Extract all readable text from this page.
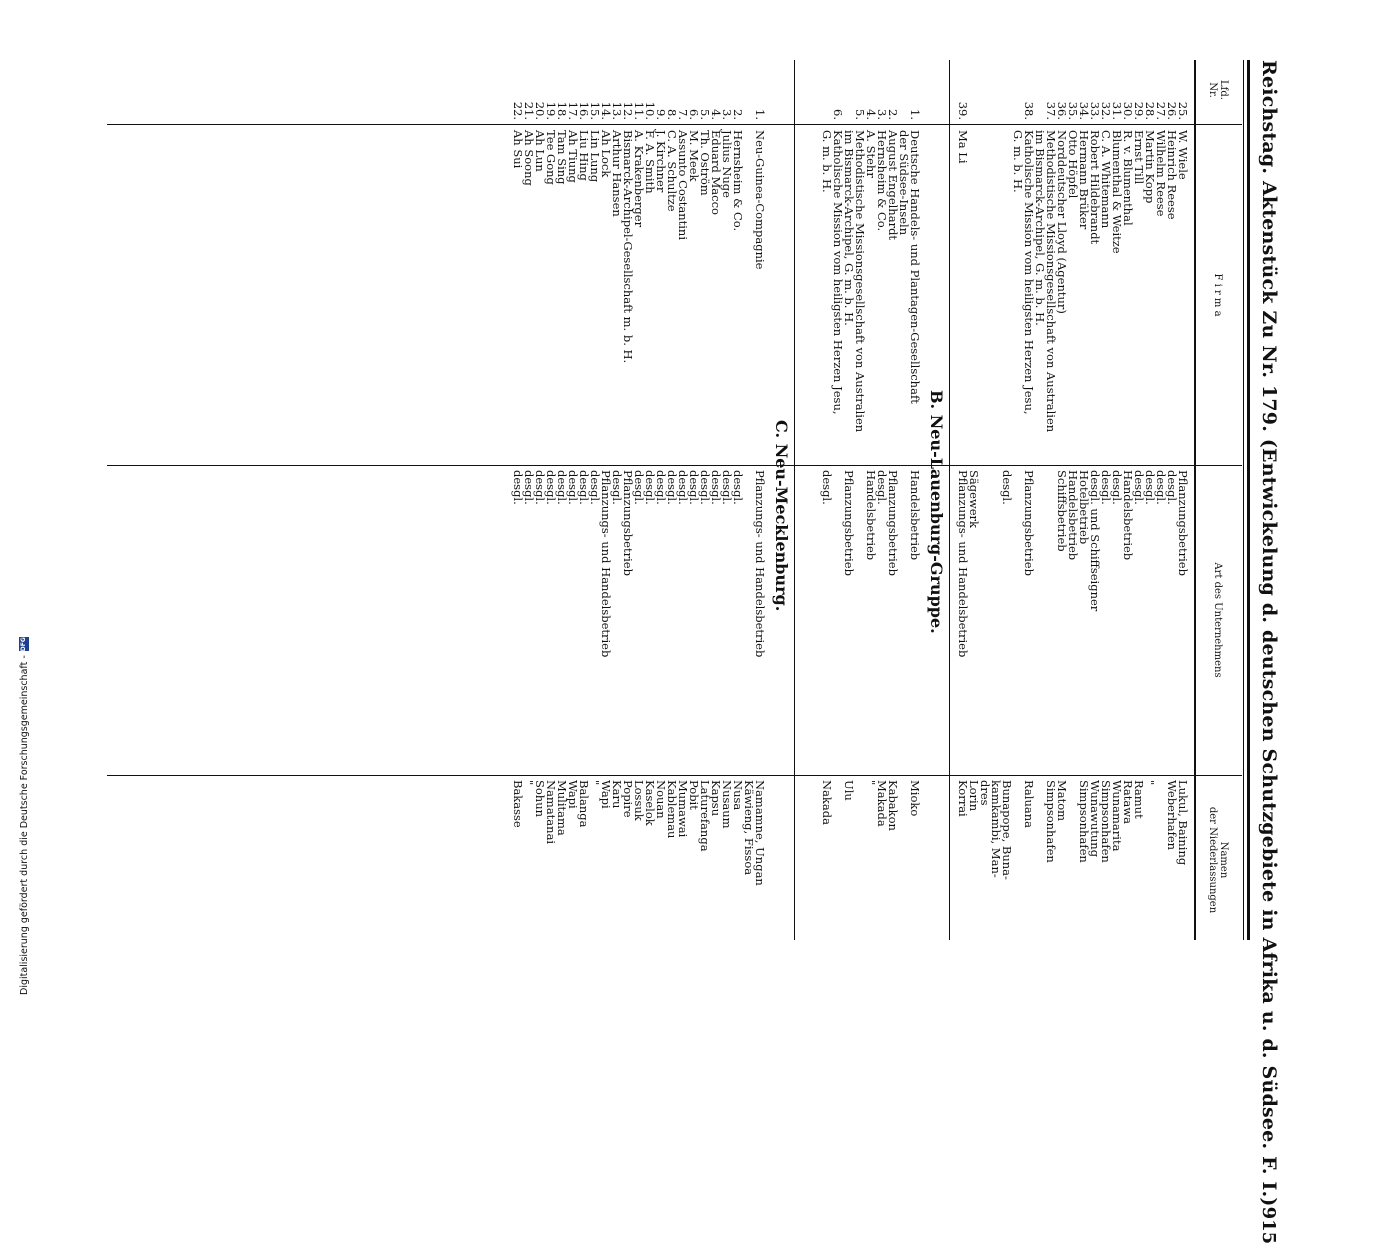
Reichstag. Aktenstück Zu Nr. 179. (Entwickelung d. deutschen Schutzgebiete in Afrika u. d. Südsee. F. I.)
915
Lfd.
Nr.
F i r m a
Art des Unternehmens
Namen
der Niederlassungen
25.
W. Wiele
Pflanzungsbetrieb
Lukul, Baining
26.
Heinrich Reese
desgl.
Weberhafen
27.
Wilhelm Reese
desgl.
28.
Martin Kopp
desgl.
"
29.
Ernst Till
desgl.
Ramut
30.
R. v. Blumenthal
Handelsbetrieb
Ratawa
31.
Blumenthal & Weitze
desgl.
Wunamarita
32.
C. A. Whitemann
desgl.
Simpsonhafen
33.
Robert Hildebrandt
desgl. und Schiffseigner
Wunawutung
34.
Hermann Brüker
Hotelbetrieb
Simpsonhafen
35.
Otto Höpfel
Handelsbetrieb
36.
Norddeutscher Lloyd (Agentur)
Schiffsbetrieb
Matom
37.
Methodistische Missionsgesellschaft von Australien
Simpsonhafen
im Bismarck-Archipel, G. m. b. H.
38.
Katholische Mission vom heiligsten Herzen Jesu,
Pflanzungsbetrieb
Raluana
G. m. b. H.
desgl.
Bunapope, Buna-
kamkambi, Man-
dres
Sägewerk
Lorin
39.
Ma Li
Pflanzungs- und Handelsbetrieb
Korrai
B. Neu-Lauenburg-Gruppe.
1.
Deutsche Handels- und Plantagen-Gesellschaft
Handelsbetrieb
Mioko
der Südsee-Inseln
2.
August Engelhardt
Pflanzungsbetrieb
Kabakon
3.
Hernsheim & Co.
desgl.
Makada
4.
A. Stehr
Handelsbetrieb
"
5.
Methodistische Missionsgesellschaft von Australien
im Bismarck-Archipel, G. m. b. H.
Pflanzungsbetrieb
Ulu
6.
Katholische Mission vom heiligsten Herzen Jesu,
G. m. b. H.
desgl.
Nakada
C. Neu-Mecklenburg.
1.
Neu-Guinea-Compagnie
Pflanzungs- und Handelsbetrieb
Namamne, Ungan
Käwieng, Fissoa
2.
Hernsheim & Co.
desgl.
Nusa
3.
Julius Nuge
desgl.
Nusaum
4.
Eduard Macco
desgl.
Kapsu
5.
Th. Oström
desgl.
Laturefanga
6.
M. Meek
desgl.
Pobit
7.
Assunto Costantini
desgl.
Mumawai
8.
C. A. Schultze
desgl.
Kablemau
9.
J. Kirchner
desgl.
Nouan
10.
F. A. Smith
desgl.
Kaselok
11.
A. Krakenberger
desgl.
Lossuk
12.
Bismarck-Archipel-Gesellschaft m. b. H.
Pflanzungsbetrieb
Popire
13.
Arthur Hansen
desgl.
Karu
14.
Ah Lock
Pflanzungs- und Handelsbetrieb
Wapi
15.
Lin Lung
desgl.
"
16.
Liu Hing
desgl.
Balanga
17.
Ah Tiung
desgl.
Wapi
18.
Tam Sing
desgl.
Mulitama
19.
Tee Gong
desgl.
Namatanai
20.
Ah Lun
desgl.
Sohun
21.
Ah Soong
desgl.
"
22.
Ah Sui
desgl.
Bakasse
Digitalisierung gefördert durch die Deutsche Forschungsgemeinschaft -
DFG
